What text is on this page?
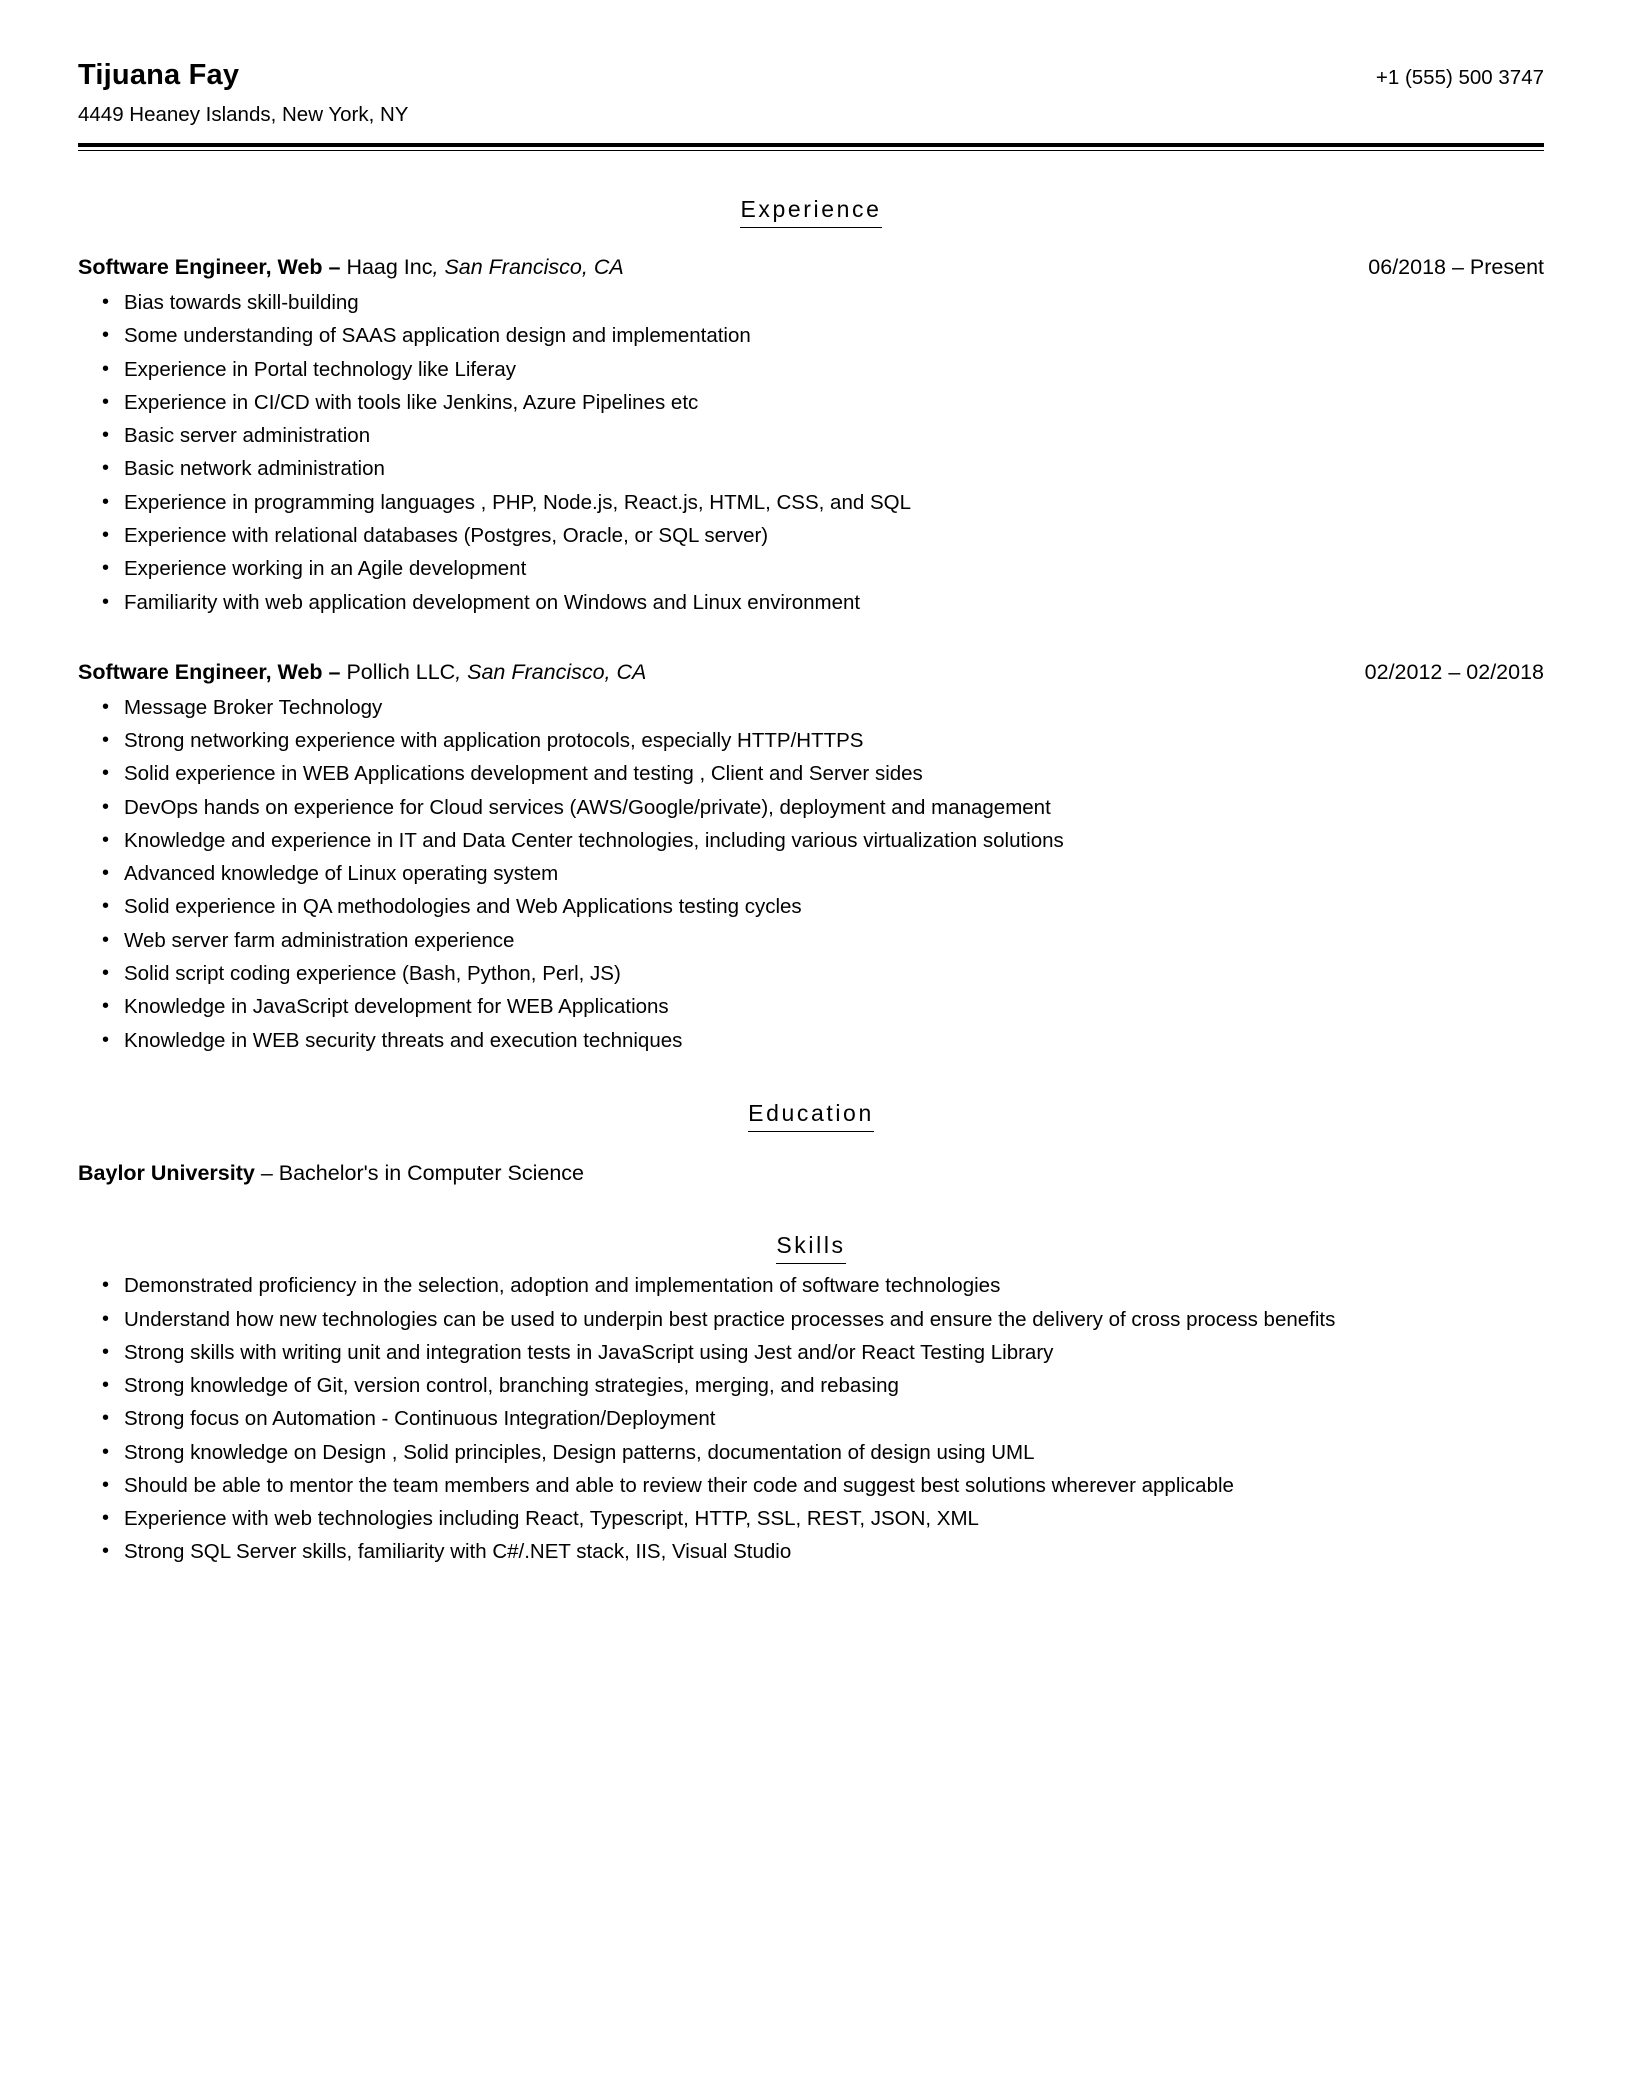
Tijuana Fay	+1 (555) 500 3747
4449 Heaney Islands, New York, NY
Experience
Software Engineer, Web – Haag Inc, San Francisco, CA	06/2018 – Present
• Bias towards skill-building
• Some understanding of SAAS application design and implementation
• Experience in Portal technology like Liferay
• Experience in CI/CD with tools like Jenkins, Azure Pipelines etc
• Basic server administration
• Basic network administration
• Experience in programming languages , PHP, Node.js, React.js, HTML, CSS, and SQL
• Experience with relational databases (Postgres, Oracle, or SQL server)
• Experience working in an Agile development
• Familiarity with web application development on Windows and Linux environment
Software Engineer, Web – Pollich LLC, San Francisco, CA	02/2012 – 02/2018
• Message Broker Technology
• Strong networking experience with application protocols, especially HTTP/HTTPS
• Solid experience in WEB Applications development and testing , Client and Server sides
• DevOps hands on experience for Cloud services (AWS/Google/private), deployment and management
• Knowledge and experience in IT and Data Center technologies, including various virtualization solutions
• Advanced knowledge of Linux operating system
• Solid experience in QA methodologies and Web Applications testing cycles
• Web server farm administration experience
• Solid script coding experience (Bash, Python, Perl, JS)
• Knowledge in JavaScript development for WEB Applications
• Knowledge in WEB security threats and execution techniques
Education
Baylor University – Bachelor's in Computer Science
Skills
• Demonstrated proficiency in the selection, adoption and implementation of software technologies
• Understand how new technologies can be used to underpin best practice processes and ensure the delivery of cross process benefits
• Strong skills with writing unit and integration tests in JavaScript using Jest and/or React Testing Library
• Strong knowledge of Git, version control, branching strategies, merging, and rebasing
• Strong focus on Automation - Continuous Integration/Deployment
• Strong knowledge on Design , Solid principles, Design patterns, documentation of design using UML
• Should be able to mentor the team members and able to review their code and suggest best solutions wherever applicable
• Experience with web technologies including React, Typescript, HTTP, SSL, REST, JSON, XML
• Strong SQL Server skills, familiarity with C#/.NET stack, IIS, Visual Studio
